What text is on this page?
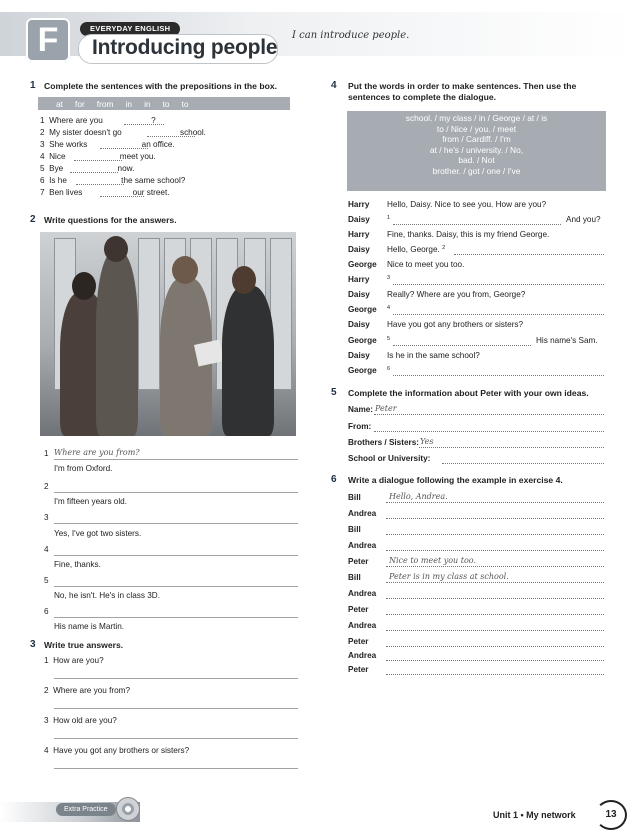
F	EVERYDAY ENGLISH
Introducing people
I can introduce people.
1 Complete the sentences with the prepositions in the box.
at for from in in to to
1 Where are you	?
2 My sister doesn't go	school.
3 She works	an office.
4 Nice	meet you.
5 Bye	now.
6 Is he	the same school?
7 Ben lives	our street.
2 Write questions for the answers.
1 Where are you from?
I'm from Oxford.
2
I'm fifteen years old.
3
Yes, I've got two sisters.
4
Fine, thanks.
5
No, he isn't. He's in class 3D.
6
His name is Martin.
3 Write true answers.
1 How are you?
2 Where are you from?
3 How old are you?
4 Have you got any brothers or sisters?
4 Put the words in order to make sentences. Then use the
sentences to complete the dialogue.
school. / my class / in / George / at / is
to / Nice / you. / meet
from / Cardiff. / I'm
at / he's / university. / No,
bad. / Not
brother. / got / one / I've
Harry Hello, Daisy. Nice to see you. How are you?
Daisy	$^1$	And you?
Harry Fine, thanks. Daisy, this is my friend George.
Daisy Hello, George. $^2$
George Nice to meet you too.
Harry	$^3$
Daisy Really? Where are you from, George?
George $^4$
Daisy Have you got any brothers or sisters?
George $^5$	His name's Sam.
Daisy Is he in the same school?
George $^6$
5 Complete the information about Peter with your own ideas.
Name: Peter
From:
Brothers / Sisters: Yes
School or University:
6 Write a dialogue following the example in exercise 4.
Bill	Hello, Andrea.
Andrea
Bill
Andrea
Peter	Nice to meet you too.
Bill	Peter is in my class at school.
Andrea
Peter
Andrea
Peter
Andrea
Peter
Extra Practice
Unit 1 • My network	13
